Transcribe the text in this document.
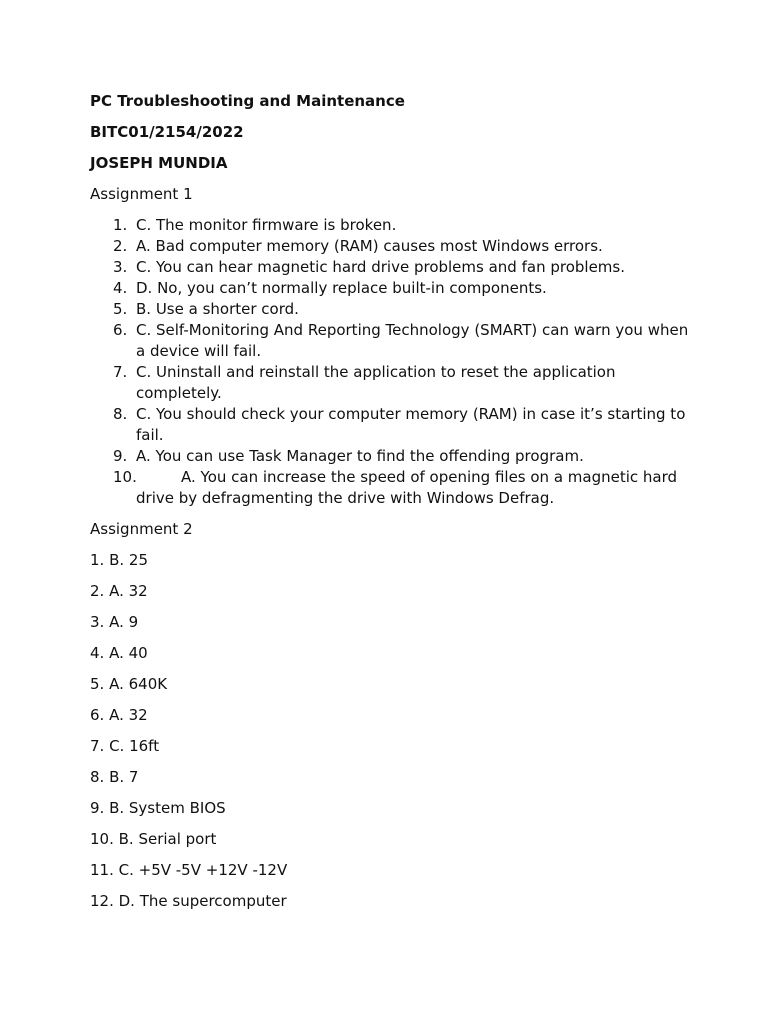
PC Troubleshooting and Maintenance

BITC01/2154/2022

JOSEPH MUNDIA

Assignment 1

1. C. The monitor firmware is broken.
2. A. Bad computer memory (RAM) causes most Windows errors.
3. C. You can hear magnetic hard drive problems and fan problems.
4. D. No, you can’t normally replace built-in components.
5. B. Use a shorter cord.
6. C. Self-Monitoring And Reporting Technology (SMART) can warn you when a device will fail.
7. C. Uninstall and reinstall the application to reset the application completely.
8. C. You should check your computer memory (RAM) in case it’s starting to fail.
9. A. You can use Task Manager to find the offending program.
10.	A. You can increase the speed of opening files on a magnetic hard drive by defragmenting the drive with Windows Defrag.

Assignment 2

1. B. 25

2. A. 32

3. A. 9

4. A. 40

5. A. 640K

6. A. 32

7. C. 16ft

8. B. 7

9. B. System BIOS

10. B. Serial port

11. C. +5V -5V +12V -12V

12. D. The supercomputer
